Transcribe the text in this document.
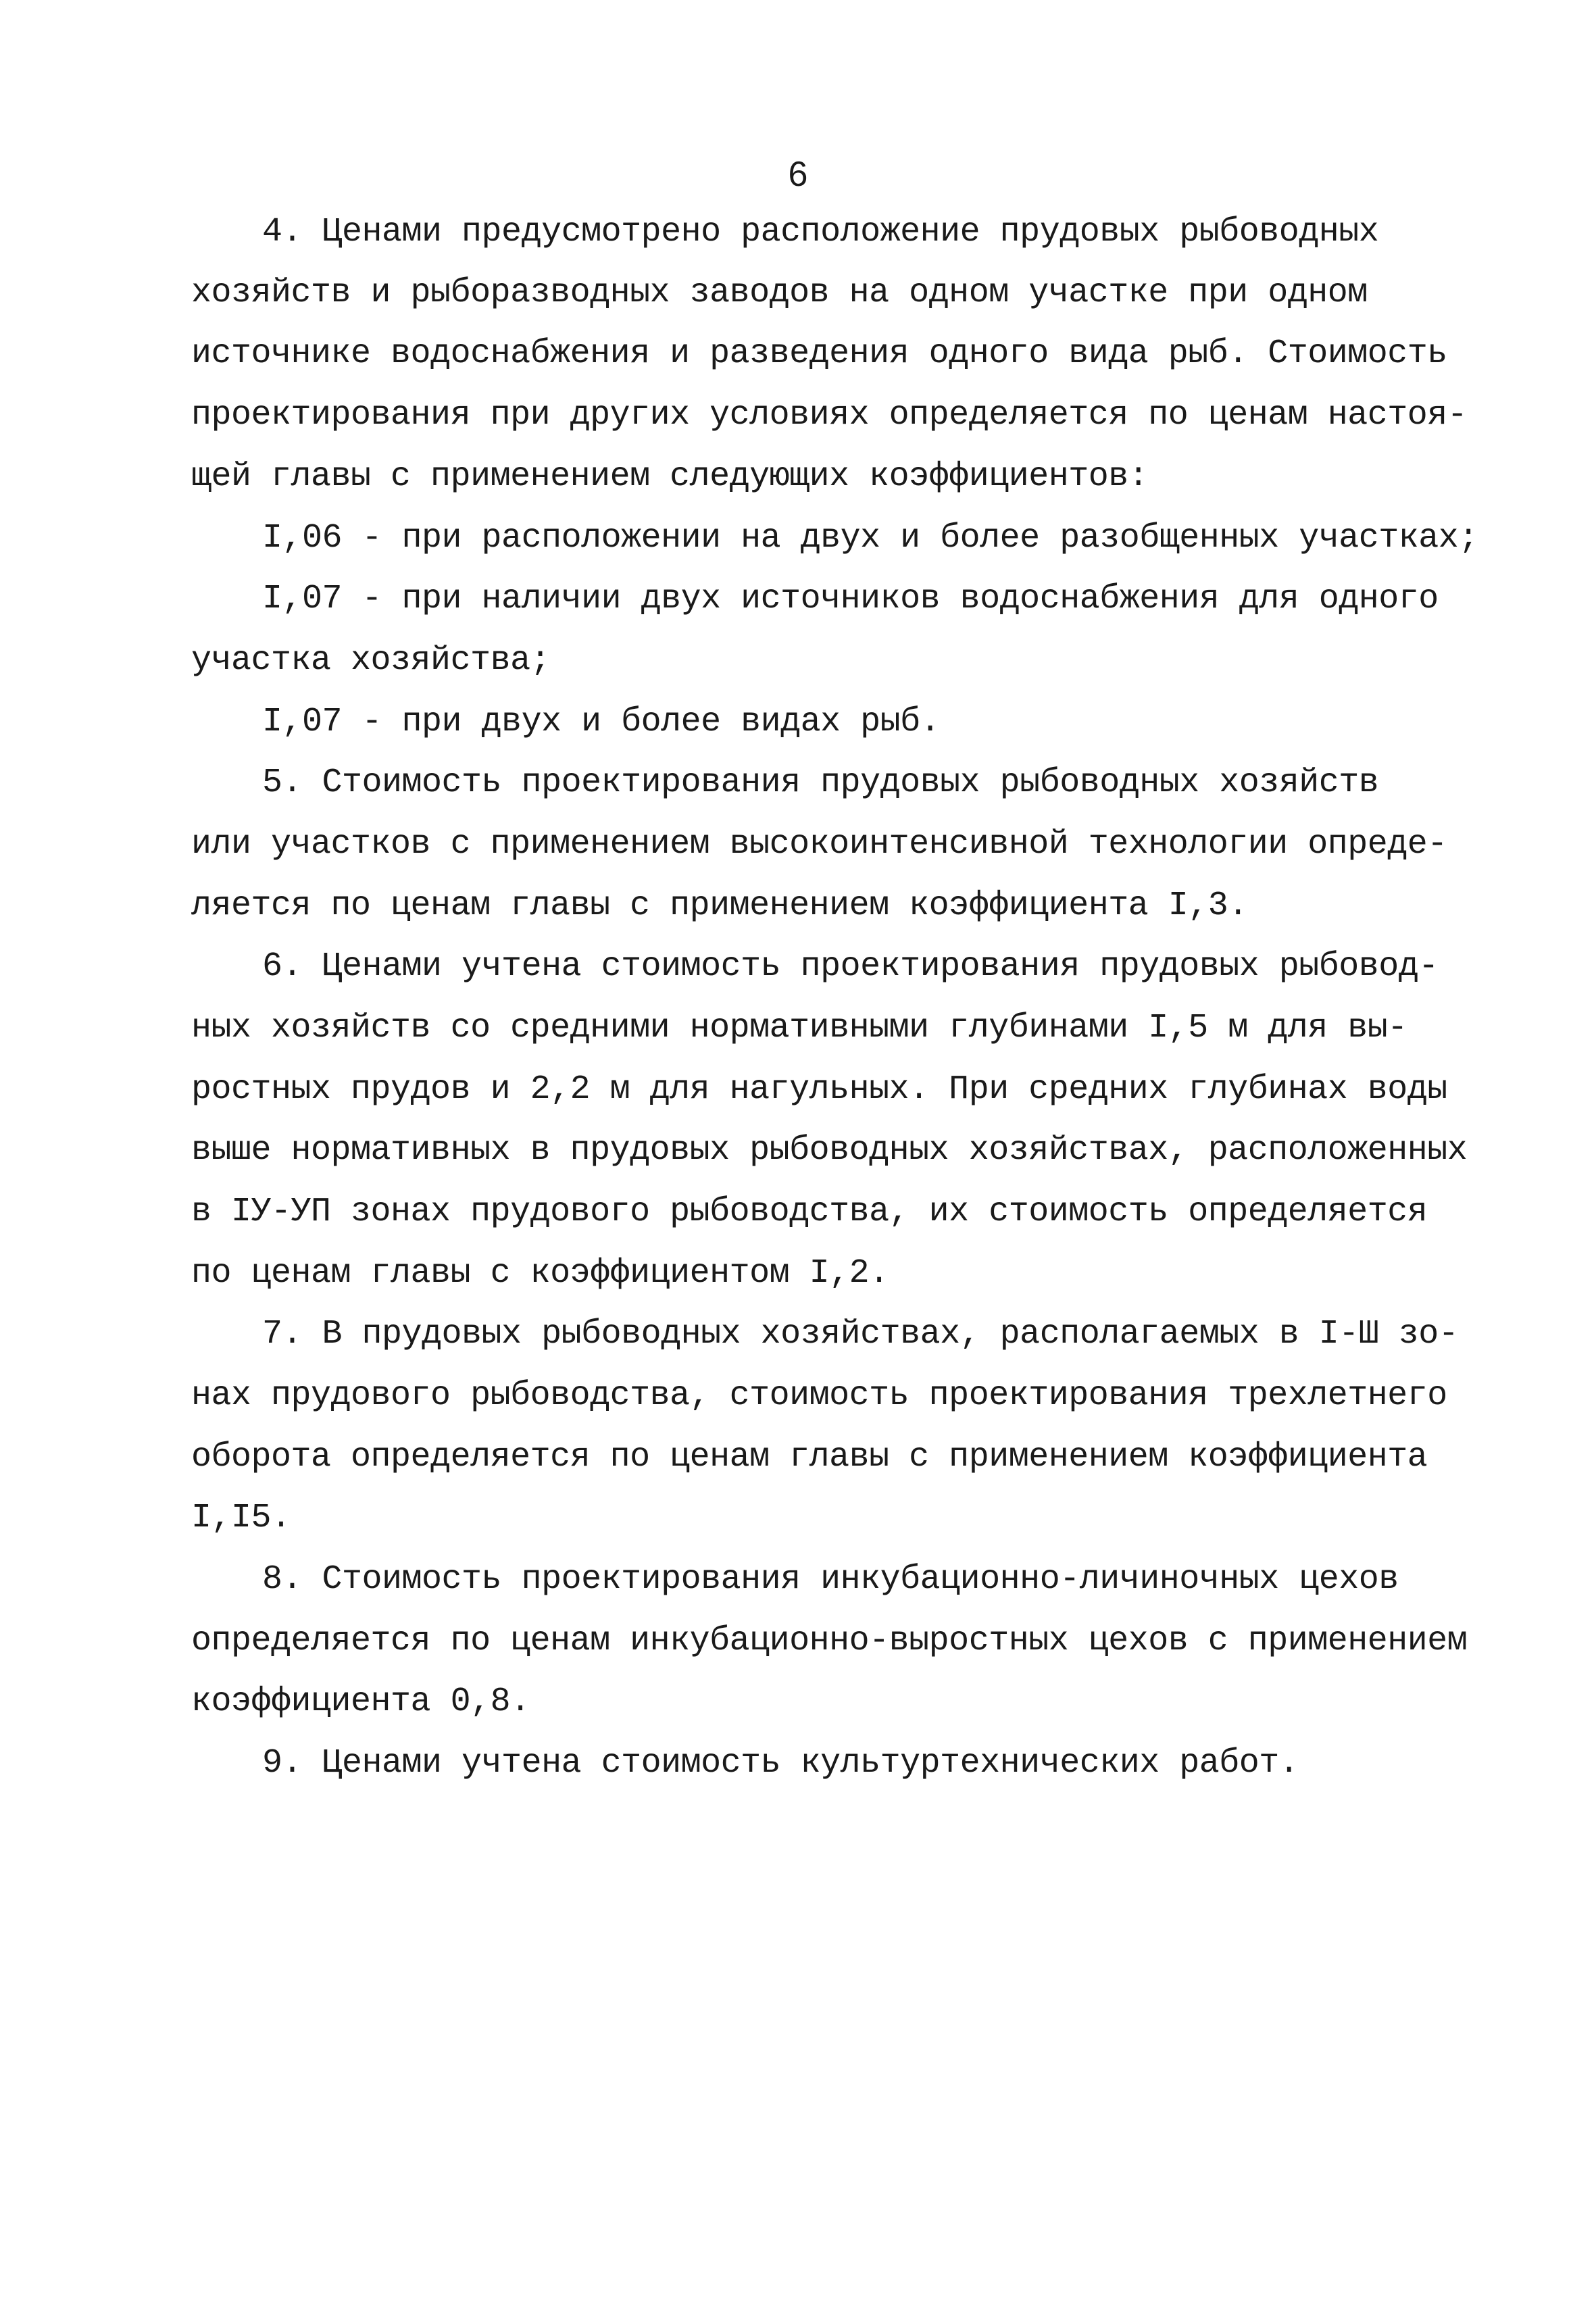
6
4. Ценами предусмотрено расположение прудовых рыбоводных
хозяйств и рыборазводных заводов на одном участке при одном
источнике водоснабжения и разведения одного вида рыб. Стоимость
проектирования при других условиях определяется по ценам настоя-
щей главы с применением следующих коэффициентов:
I,06 - при расположении на двух и более разобщенных участках;
I,07 - при наличии двух источников водоснабжения для одного
участка хозяйства;
I,07 - при двух и более видах рыб.
5. Стоимость проектирования прудовых рыбоводных хозяйств
или участков с применением высокоинтенсивной технологии опреде-
ляется по ценам главы с применением коэффициента I,3.
6. Ценами учтена стоимость проектирования прудовых рыбовод-
ных хозяйств со средними нормативными глубинами I,5 м для вы-
ростных прудов и 2,2 м для нагульных. При средних глубинах воды
выше нормативных в прудовых рыбоводных хозяйствах, расположенных
в IУ-УП зонах прудового рыбоводства, их стоимость определяется
по ценам главы с коэффициентом I,2.
7. В прудовых рыбоводных хозяйствах, располагаемых в I-Ш зо-
нах прудового рыбоводства, стоимость проектирования трехлетнего
оборота определяется по ценам главы с применением коэффициента
I,I5.
8. Стоимость проектирования инкубационно-личиночных цехов
определяется по ценам инкубационно-выростных цехов с применением
коэффициента 0,8.
9. Ценами учтена стоимость культуртехнических работ.
